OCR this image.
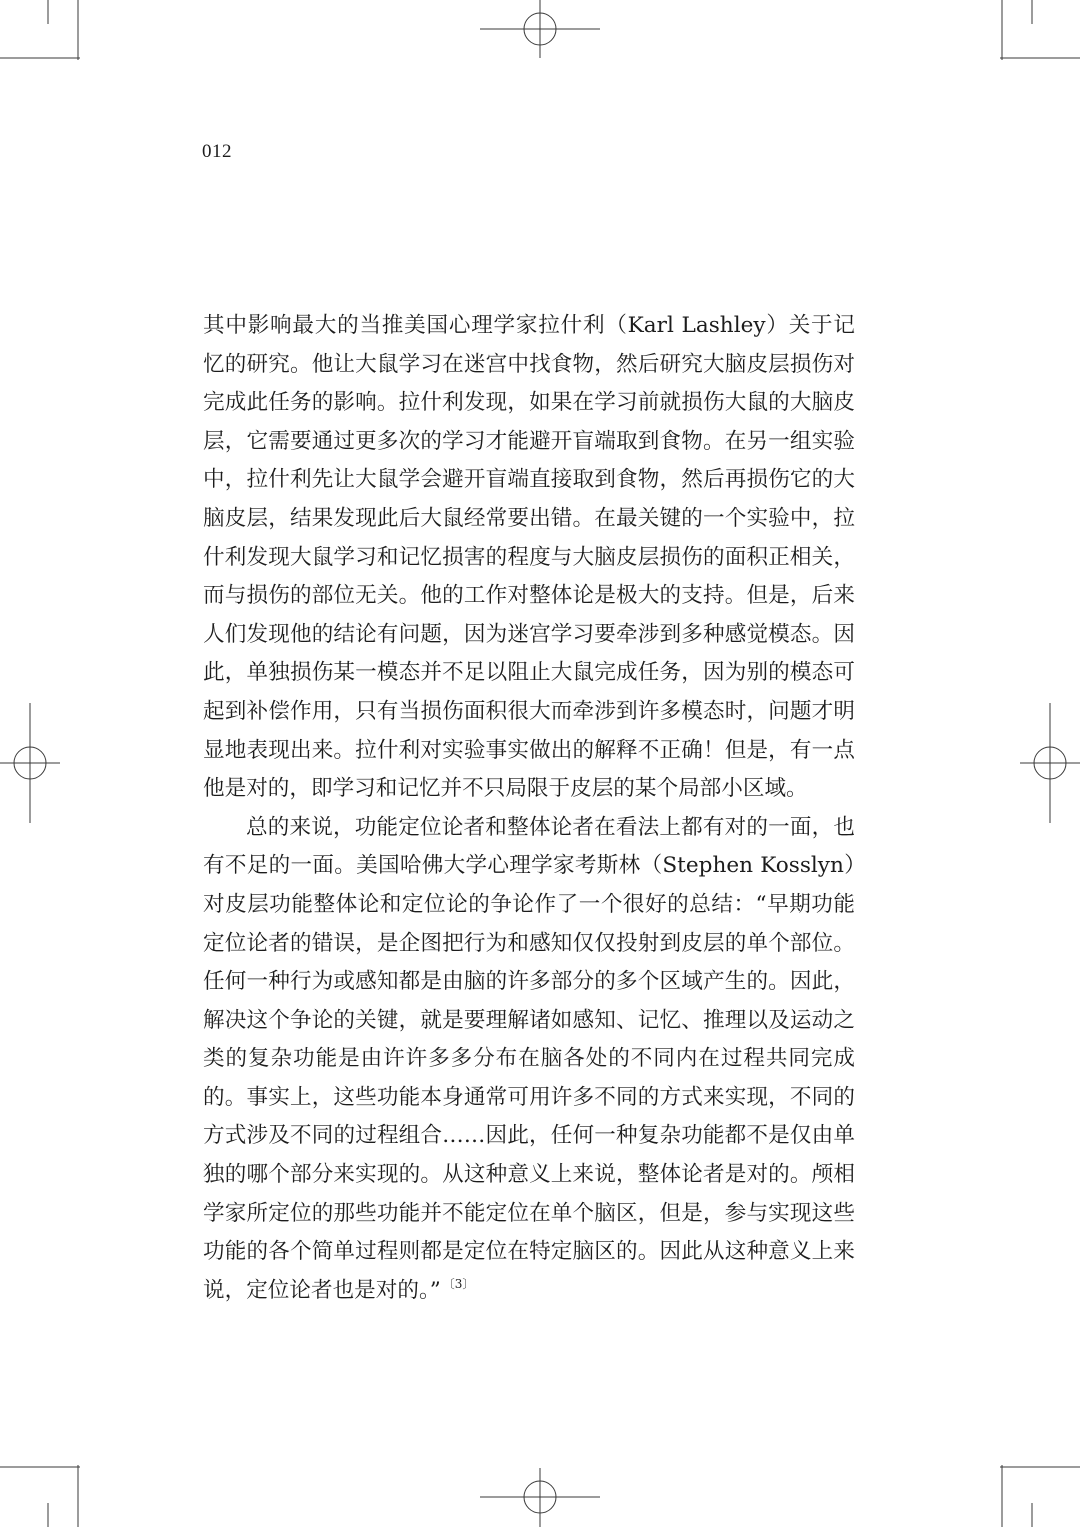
012

其中影响最大的当推美国心理学家拉什利（Karl Lashley）关于记忆的研究。他让大鼠学习在迷宫中找食物，然后研究大脑皮层损伤对完成此任务的影响。拉什利发现，如果在学习前就损伤大鼠的大脑皮层，它需要通过更多次的学习才能避开盲端取到食物。在另一组实验中，拉什利先让大鼠学会避开盲端直接取到食物，然后再损伤它的大脑皮层，结果发现此后大鼠经常要出错。在最关键的一个实验中，拉什利发现大鼠学习和记忆损害的程度与大脑皮层损伤的面积正相关，而与损伤的部位无关。他的工作对整体论是极大的支持。但是，后来人们发现他的结论有问题，因为迷宫学习要牵涉到多种感觉模态。因此，单独损伤某一模态并不足以阻止大鼠完成任务，因为别的模态可起到补偿作用，只有当损伤面积很大而牵涉到许多模态时，问题才明显地表现出来。拉什利对实验事实做出的解释不正确！但是，有一点他是对的，即学习和记忆并不只局限于皮层的某个局部小区域。

总的来说，功能定位论者和整体论者在看法上都有对的一面，也有不足的一面。美国哈佛大学心理学家考斯林（Stephen Kosslyn）对皮层功能整体论和定位论的争论作了一个很好的总结：“早期功能定位论者的错误，是企图把行为和感知仅仅投射到皮层的单个部位。任何一种行为或感知都是由脑的许多部分的多个区域产生的。因此，解决这个争论的关键，就是要理解诸如感知、记忆、推理以及运动之类的复杂功能是由许许多多分布在脑各处的不同内在过程共同完成的。事实上，这些功能本身通常可用许多不同的方式来实现，不同的方式涉及不同的过程组合……因此，任何一种复杂功能都不是仅由单独的哪个部分来实现的。从这种意义上来说，整体论者是对的。颅相学家所定位的那些功能并不能定位在单个脑区，但是，参与实现这些功能的各个简单过程则都是定位在特定脑区的。因此从这种意义上来说，定位论者也是对的。” $^{〔3〕}$
